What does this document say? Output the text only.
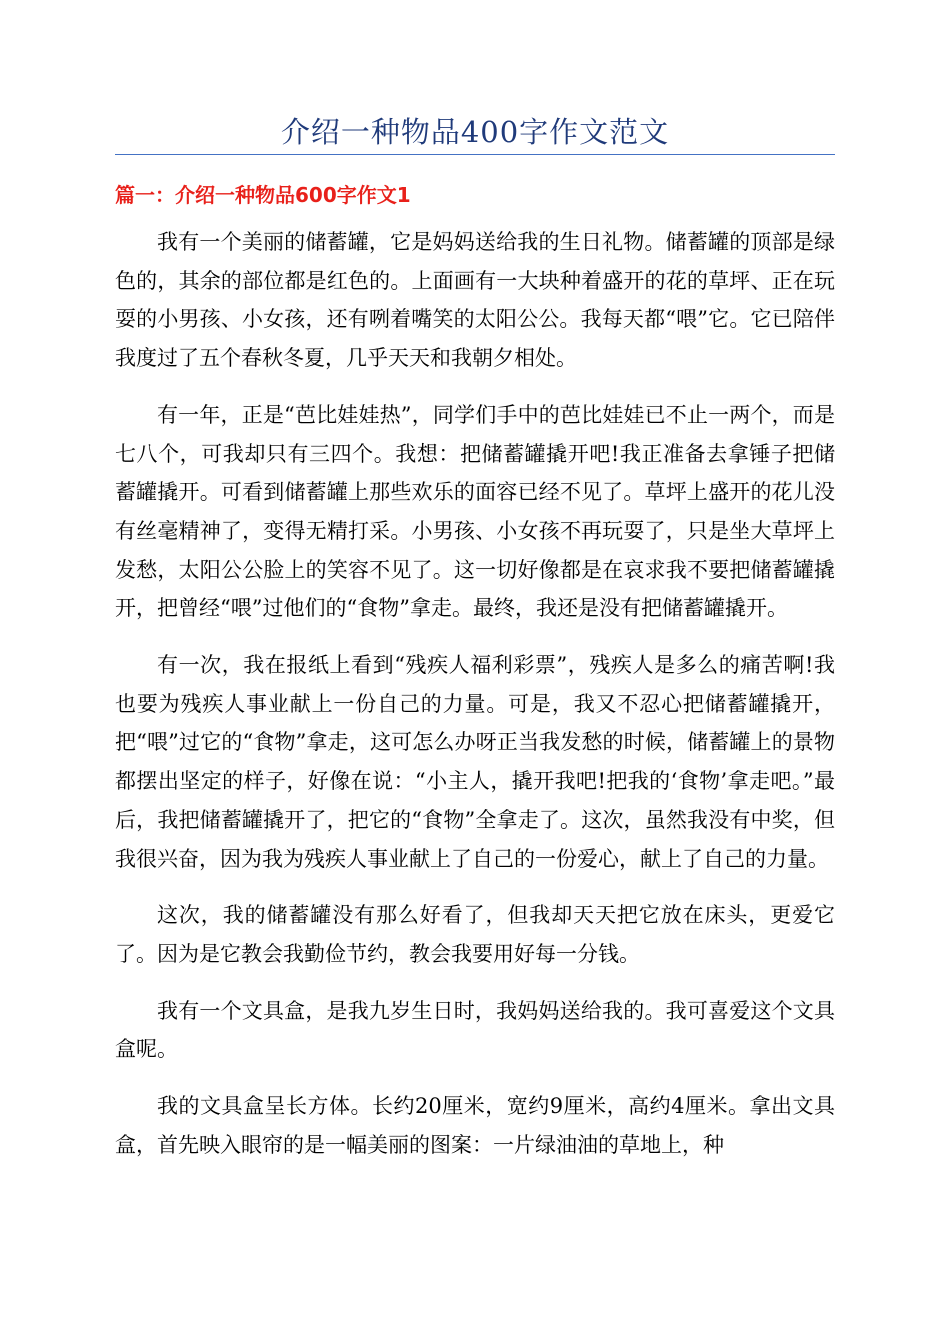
介绍一种物品400字作文范文
篇一：介绍一种物品600字作文1

我有一个美丽的储蓄罐，它是妈妈送给我的生日礼物。储蓄罐的顶部是绿色的，其余的部位都是红色的。上面画有一大块种着盛开的花的草坪、正在玩耍的小男孩、小女孩，还有咧着嘴笑的太阳公公。我每天都“喂”它。它已陪伴我度过了五个春秋冬夏，几乎天天和我朝夕相处。

有一年，正是“芭比娃娃热”，同学们手中的芭比娃娃已不止一两个，而是七八个，可我却只有三四个。我想：把储蓄罐撬开吧!我正准备去拿锤子把储蓄罐撬开。可看到储蓄罐上那些欢乐的面容已经不见了。草坪上盛开的花儿没有丝毫精神了，变得无精打采。小男孩、小女孩不再玩耍了，只是坐大草坪上发愁，太阳公公脸上的笑容不见了。这一切好像都是在哀求我不要把储蓄罐撬开，把曾经“喂”过他们的“食物”拿走。最终，我还是没有把储蓄罐撬开。

有一次，我在报纸上看到“残疾人福利彩票”，残疾人是多么的痛苦啊!我也要为残疾人事业献上一份自己的力量。可是，我又不忍心把储蓄罐撬开，把“喂”过它的“食物”拿走，这可怎么办呀正当我发愁的时候，储蓄罐上的景物都摆出坚定的样子，好像在说：“小主人，撬开我吧!把我的‘食物’拿走吧。”最后，我把储蓄罐撬开了，把它的“食物”全拿走了。这次，虽然我没有中奖，但我很兴奋，因为我为残疾人事业献上了自己的一份爱心，献上了自己的力量。

这次，我的储蓄罐没有那么好看了，但我却天天把它放在床头，更爱它了。因为是它教会我勤俭节约，教会我要用好每一分钱。

我有一个文具盒，是我九岁生日时，我妈妈送给我的。我可喜爱这个文具盒呢。

我的文具盒呈长方体。长约20厘米，宽约9厘米，高约4厘米。拿出文具盒，首先映入眼帘的是一幅美丽的图案：一片绿油油的草地上，种
